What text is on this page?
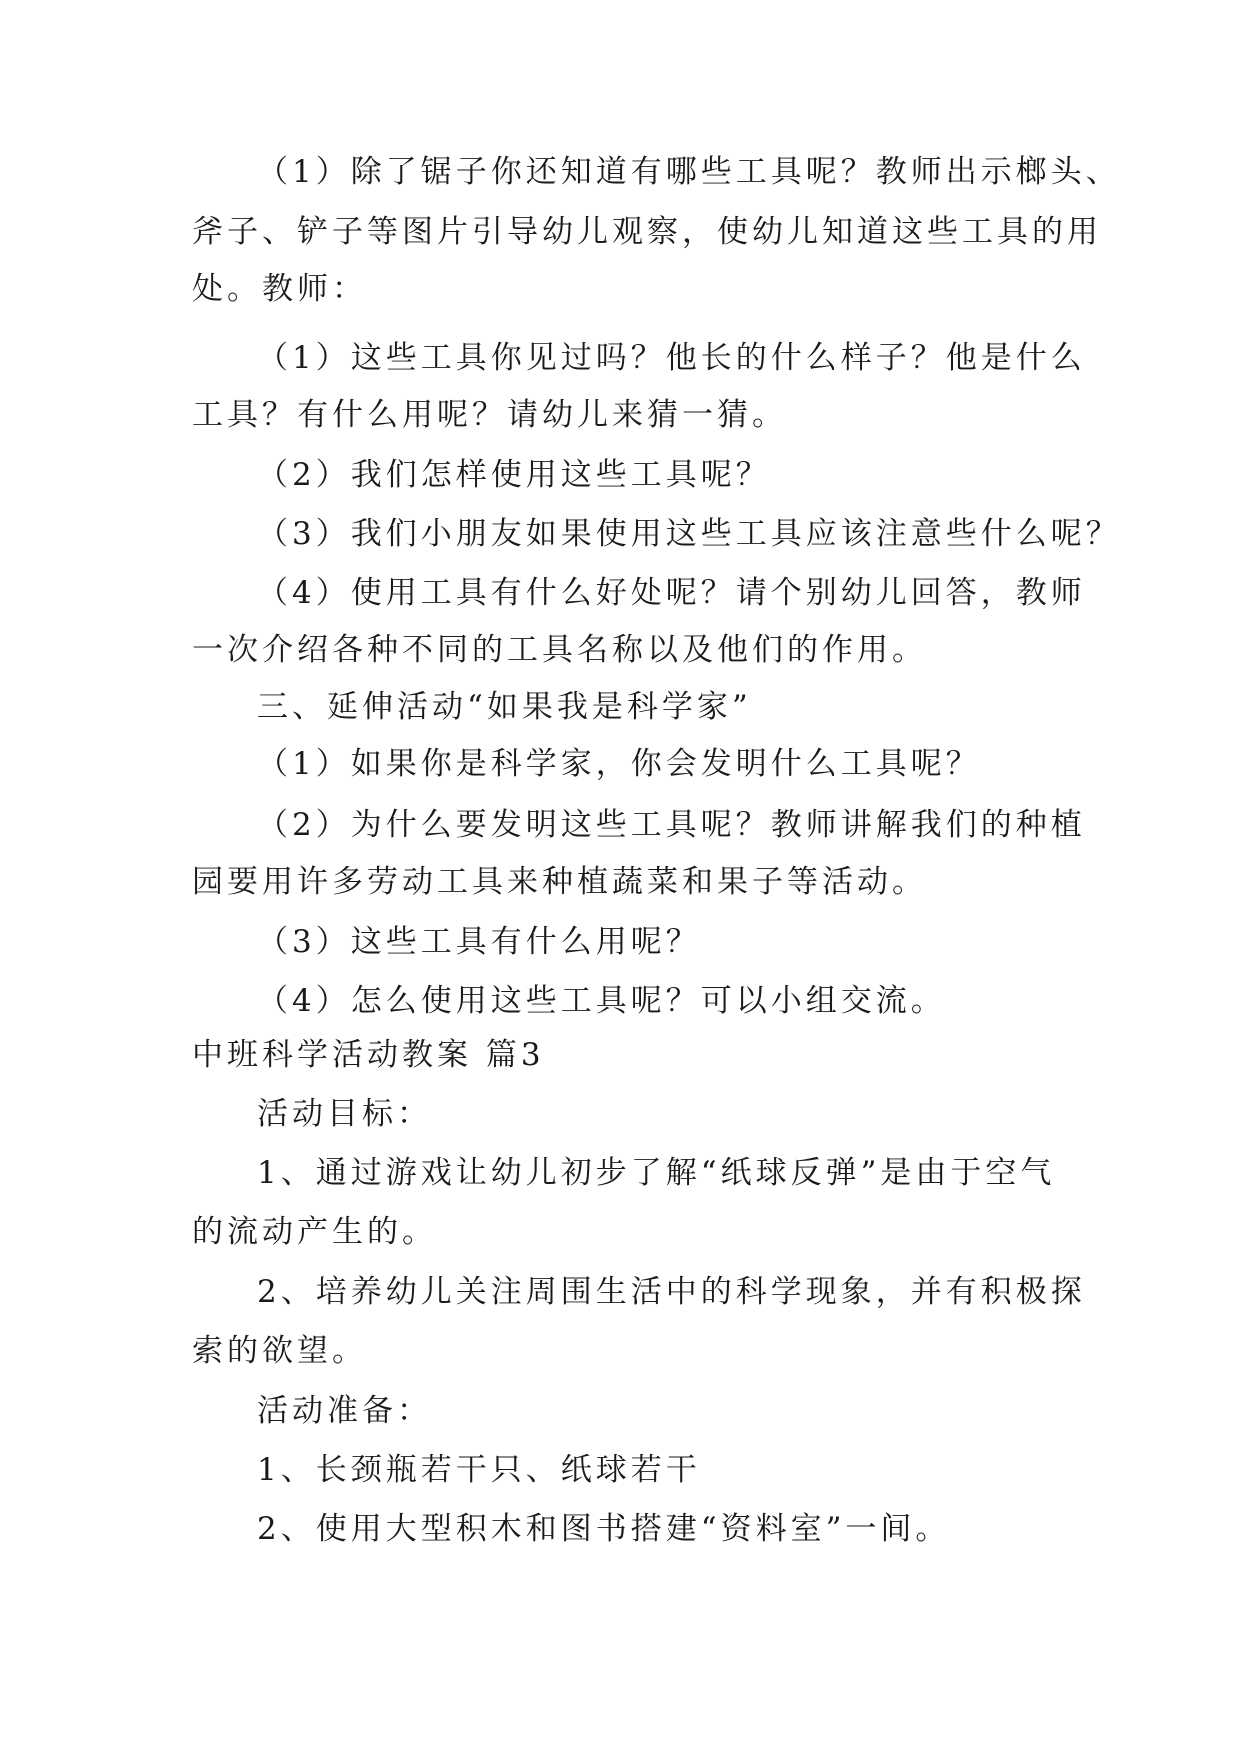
（1）除了锯子你还知道有哪些工具呢？教师出示榔头、
斧子、铲子等图片引导幼儿观察，使幼儿知道这些工具的用
处。教师：
（1）这些工具你见过吗？他长的什么样子？他是什么
工具？有什么用呢？请幼儿来猜一猜。
（2）我们怎样使用这些工具呢？
（3）我们小朋友如果使用这些工具应该注意些什么呢？
（4）使用工具有什么好处呢？请个别幼儿回答，教师
一次介绍各种不同的工具名称以及他们的作用。
三、延伸活动“如果我是科学家”
（1）如果你是科学家，你会发明什么工具呢？
（2）为什么要发明这些工具呢？教师讲解我们的种植
园要用许多劳动工具来种植蔬菜和果子等活动。
（3）这些工具有什么用呢？
（4）怎么使用这些工具呢？可以小组交流。
中班科学活动教案 篇3
活动目标：
1、通过游戏让幼儿初步了解“纸球反弹”是由于空气
的流动产生的。
2、培养幼儿关注周围生活中的科学现象，并有积极探
索的欲望。
活动准备：
1、长颈瓶若干只、纸球若干
2、使用大型积木和图书搭建“资料室”一间。
